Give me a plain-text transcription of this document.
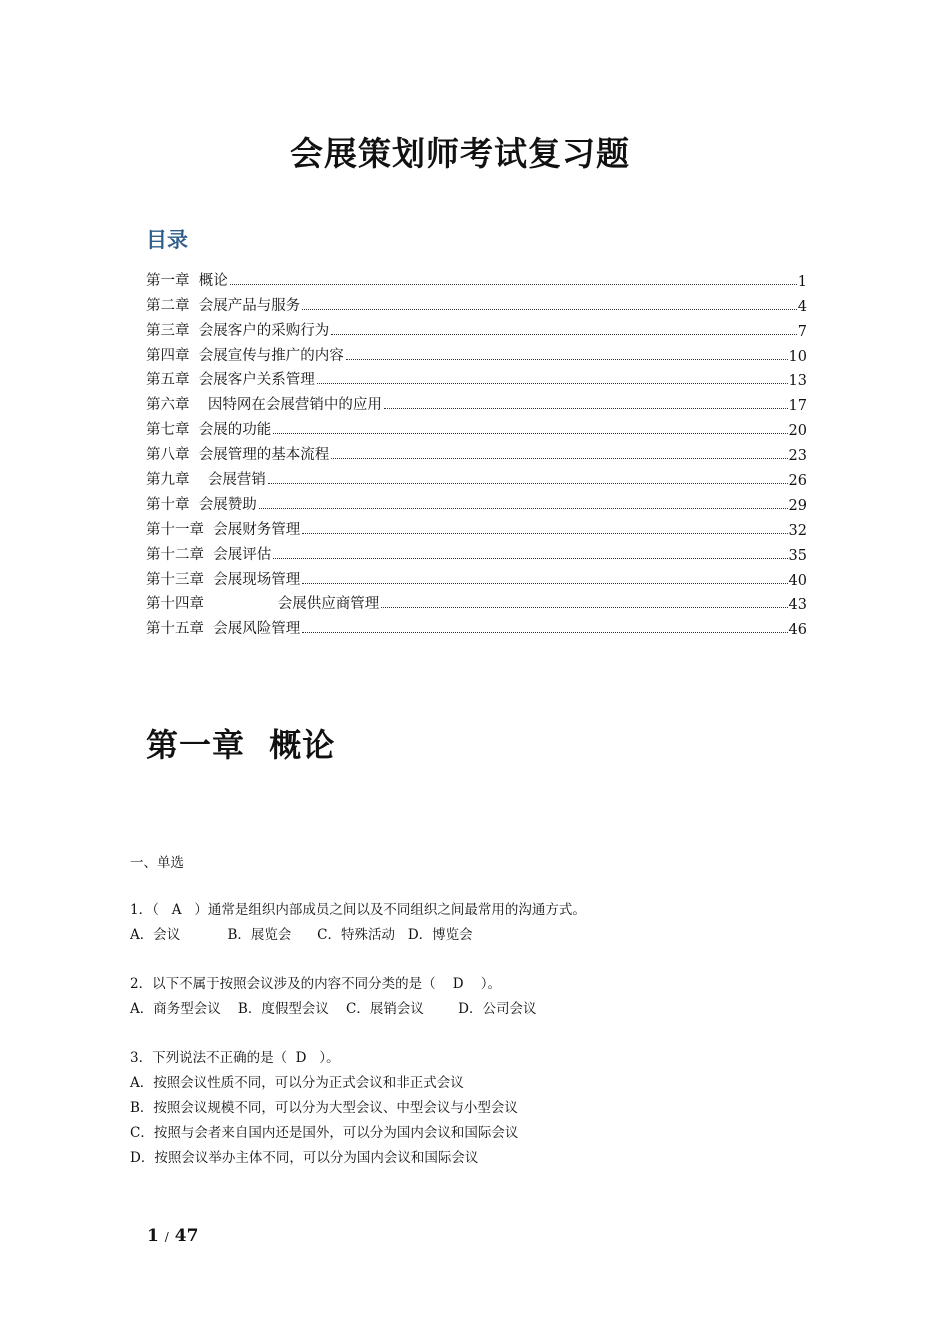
会展策划师考试复习题
目录
第一章  概论	1
第二章  会展产品与服务	4
第三章  会展客户的采购行为	7
第四章  会展宣传与推广的内容	10
第五章  会展客户关系管理	13
第六章    因特网在会展营销中的应用	17
第七章  会展的功能	20
第八章  会展管理的基本流程	23
第九章    会展营销	26
第十章  会展赞助	29
第十一章  会展财务管理	32
第十二章  会展评估	35
第十三章  会展现场管理	40
第十四章                会展供应商管理	43
第十五章  会展风险管理	46
第一章  概论
一、单选
1．（   A   ）通常是组织内部成员之间以及不同组织之间最常用的沟通方式。
A．会议           B．展览会      C．特殊活动   D．博览会
2．以下不属于按照会议涉及的内容不同分类的是（    D    ）。
A．商务型会议    B．度假型会议    C．展销会议        D．公司会议
3．下列说法不正确的是（  D   ）。
A．按照会议性质不同，可以分为正式会议和非正式会议
B．按照会议规模不同，可以分为大型会议、中型会议与小型会议
C．按照与会者来自国内还是国外，可以分为国内会议和国际会议
D．按照会议举办主体不同，可以分为国内会议和国际会议
1 / 47
